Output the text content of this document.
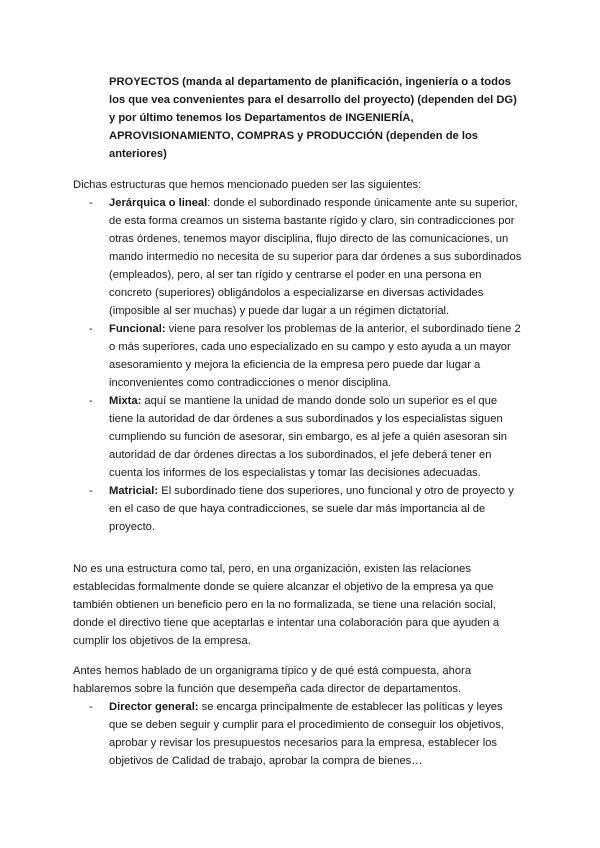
PROYECTOS (manda al departamento de planificación, ingeniería o a todos los que vea convenientes para el desarrollo del proyecto) (dependen del DG) y por último tenemos los Departamentos de INGENIERÍA, APROVISIONAMIENTO, COMPRAS y PRODUCCIÓN (dependen de los anteriores)
Dichas estructuras que hemos mencionado pueden ser las siguientes:
- Jerárquica o lineal: donde el subordinado responde únicamente ante su superior, de esta forma creamos un sistema bastante rígido y claro, sin contradicciones por otras órdenes, tenemos mayor disciplina, flujo directo de las comunicaciones, un mando intermedio no necesita de su superior para dar órdenes a sus subordinados (empleados), pero, al ser tan rígido y centrarse el poder en una persona en concreto (superiores) obligándolos a especializarse en diversas actividades (imposible al ser muchas) y puede dar lugar a un régimen dictatorial.
- Funcional: viene para resolver los problemas de la anterior, el subordinado tiene 2 o más superiores, cada uno especializado en su campo y esto ayuda a un mayor asesoramiento y mejora la eficiencia de la empresa pero puede dar lugar a inconvenientes como contradicciones o menor disciplina.
- Mixta: aquí se mantiene la unidad de mando donde solo un superior es el que tiene la autoridad de dar órdenes a sus subordinados y los especialistas siguen cumpliendo su función de asesorar, sin embargo, es al jefe a quién asesoran sin autoridad de dar órdenes directas a los subordinados, el jefe deberá tener en cuenta los informes de los especialistas y tomar las decisiones adecuadas.
- Matricial: El subordinado tiene dos superiores, uno funcional y otro de proyecto y en el caso de que haya contradicciones, se suele dar más importancia al de proyecto.
No es una estructura como tal, pero, en una organización, existen las relaciones establecidas formalmente donde se quiere alcanzar el objetivo de la empresa ya que también obtienen un beneficio pero en la no formalizada, se tiene una relación social, donde el directivo tiene que aceptarlas e intentar una colaboración para que ayuden a cumplir los objetivos de la empresa.
Antes hemos hablado de un organigrama típico y de qué está compuesta, ahora hablaremos sobre la función que desempeña cada director de departamentos.
- Director general: se encarga principalmente de establecer las políticas y leyes que se deben seguir y cumplir para el procedimiento de conseguir los objetivos, aprobar y revisar los presupuestos necesarios para la empresa, establecer los objetivos de Calidad de trabajo, aprobar la compra de bienes…
